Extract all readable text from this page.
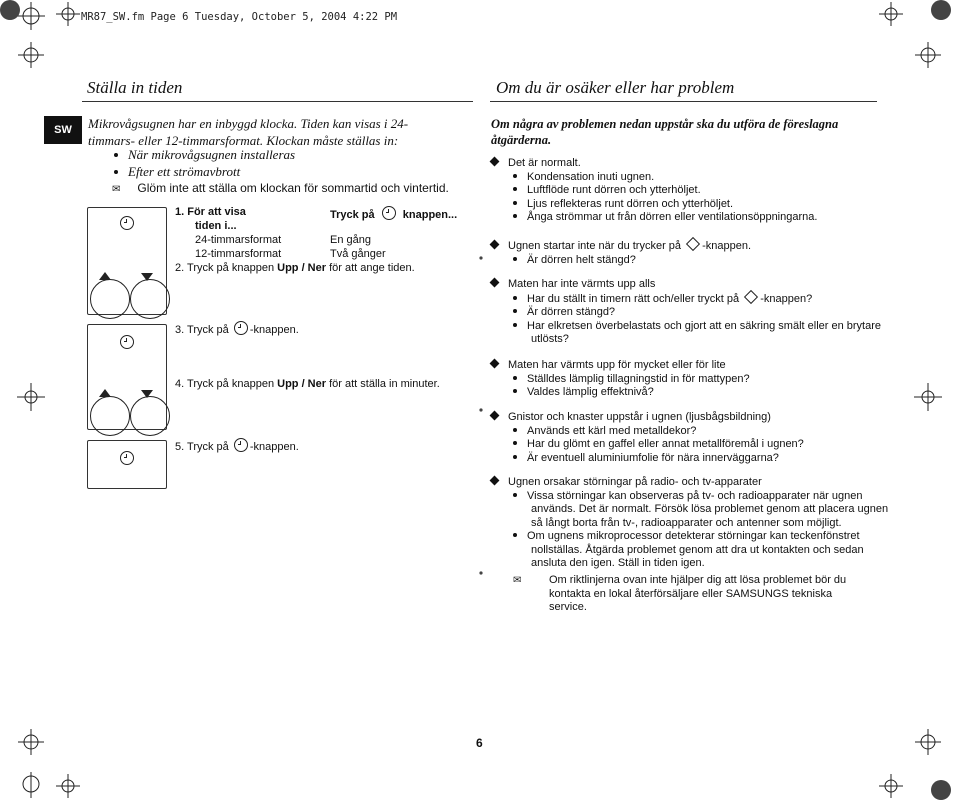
MR87_SW.fm Page 6 Tuesday, October 5, 2004 4:22 PM
Ställa in tiden
SW	Mikrovågsugnen har en inbyggd klocka. Tiden kan visas i 24-
timmars- eller 12-timmarsformat. Klockan måste ställas in:
När mikrovågsugnen installeras
Efter ett strömavbrott
✉ Glöm inte att ställa om klockan för sommartid och vintertid.
1. För att visa	Tryck på	knappen...
tiden i...
24-timmarsformat	En gång
12-timmarsformat	Två gånger
2. Tryck på knappen Upp / Ner för att ange tiden.
3. Tryck på -knappen.
4. Tryck på knappen Upp / Ner för att ställa in minuter.
5. Tryck på -knappen.
Om du är osäker eller har problem
Om några av problemen nedan uppstår ska du utföra de föreslagna
åtgärderna.

Det är normalt.

Kondensation inuti ugnen.

Luftflöde runt dörren och ytterhöljet.

Ljus reflekteras runt dörren och ytterhöljet.

Ånga strömmar ut från dörren eller ventilationsöppningarna.

Ugnen startar inte när du trycker på -knappen.

Är dörren helt stängd?

Maten har inte värmts upp alls

Har du ställt in timern rätt och/eller tryckt på -knappen?

Är dörren stängd?

Har elkretsen överbelastats och gjort att en säkring smält eller en brytare

utlösts?

Maten har värmts upp för mycket eller för lite

Ställdes lämplig tillagningstid in för mattypen?

Valdes lämplig effektnivå?

Gnistor och knaster uppstår i ugnen (ljusbågsbildning)

Används ett kärl med metalldekor?

Har du glömt en gaffel eller annat metallföremål i ugnen?

Är eventuell aluminiumfolie för nära innerväggarna?

Ugnen orsakar störningar på radio- och tv-apparater

Vissa störningar kan observeras på tv- och radioapparater när ugnen

används. Det är normalt. Försök lösa problemet genom att placera ugnen

så långt borta från tv-, radioapparater och antenner som möjligt.

Om ugnens mikroprocessor detekterar störningar kan teckenfönstret

nollställas. Åtgärda problemet genom att dra ut kontakten och sedan

ansluta den igen. Ställ in tiden igen.

✉	Om riktlinjerna ovan inte hjälper dig att lösa problemet bör du
kontakta en lokal återförsäljare eller SAMSUNGS tekniska
service.
6
